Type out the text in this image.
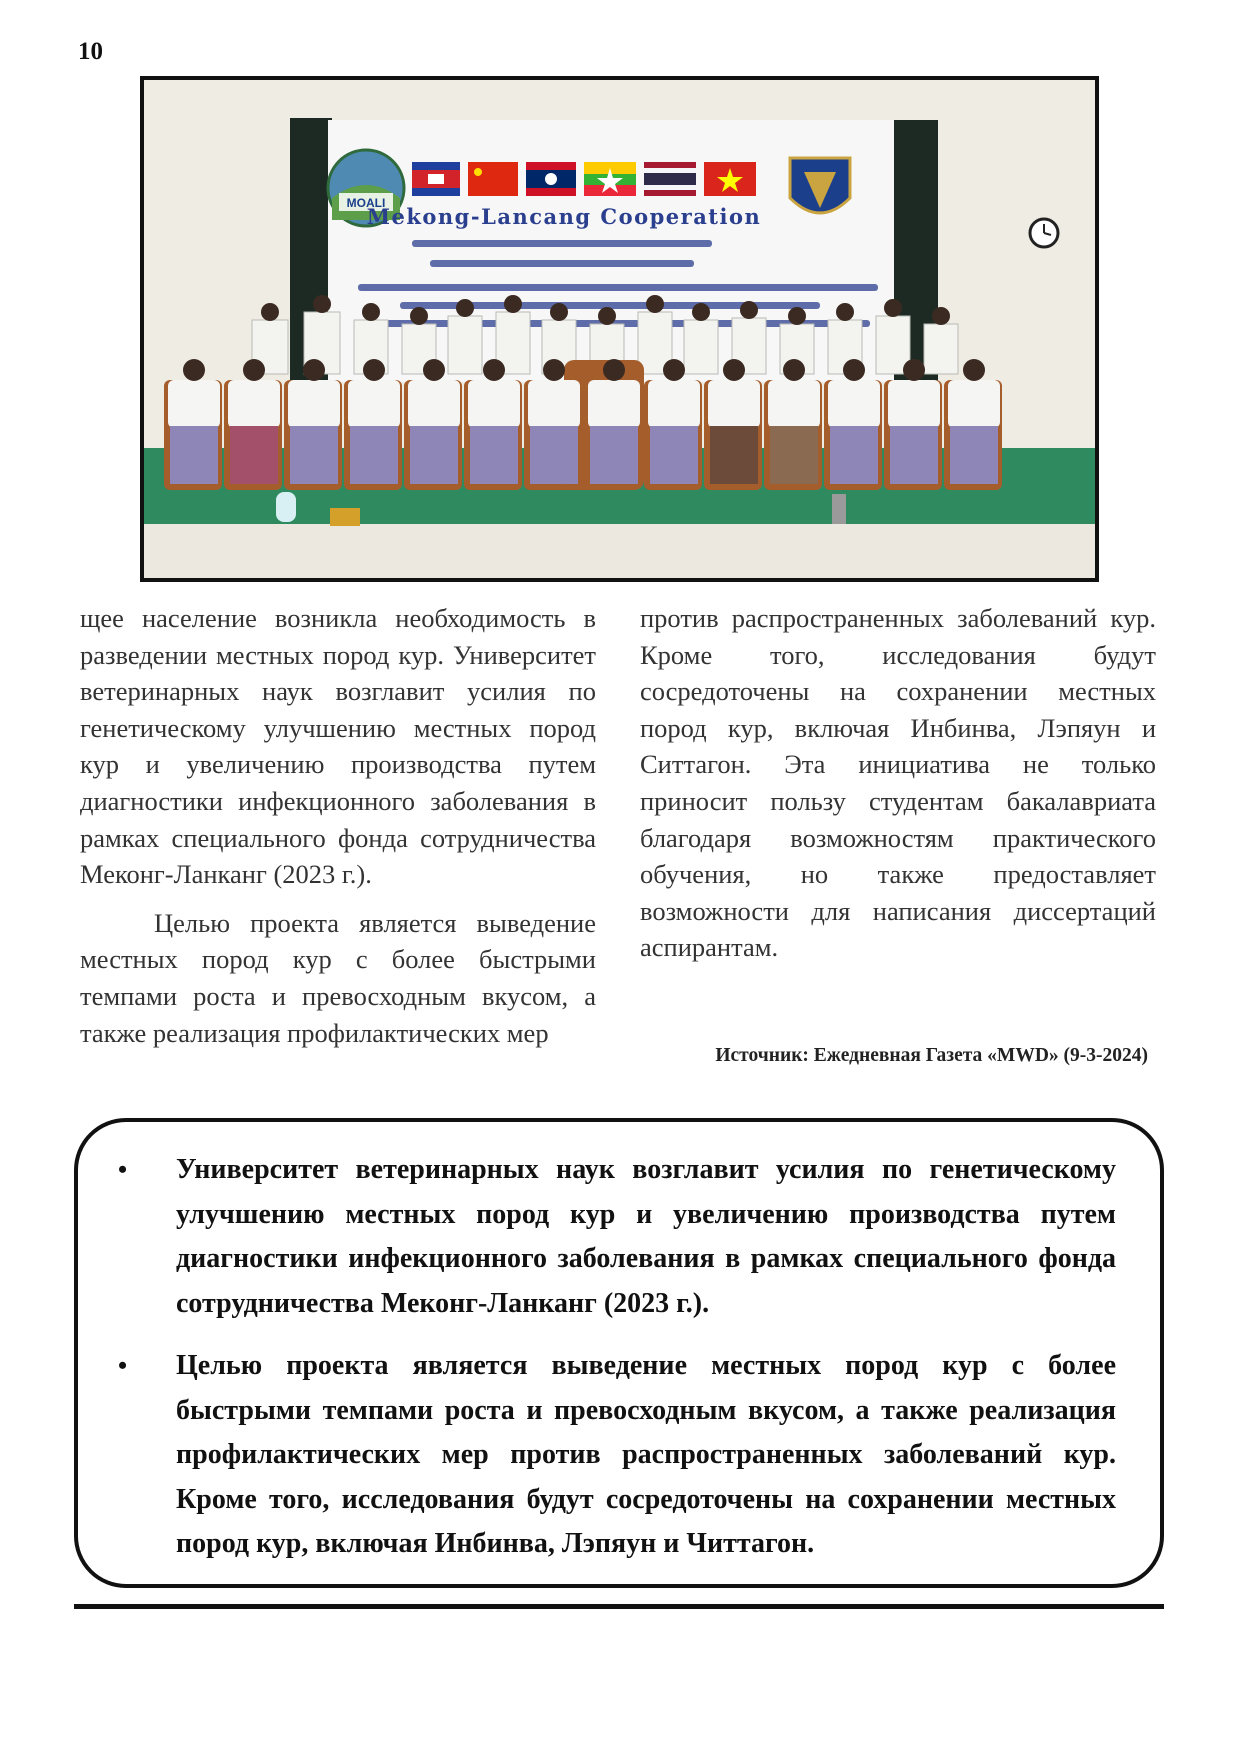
10
MOALI
Mekong-Lancang Cooperation

щее население возникла необходимость в разведении местных пород кур. Университет ветеринарных наук возглавит усилия по генетическому улучшению местных пород кур и увеличению производства путем диагностики инфекционного заболевания в рамках специального фонда сотрудничества Меконг-Ланканг (2023 г.).

Целью проекта является выведение местных пород кур с более быстрыми темпами роста и превосходным вкусом, а также реализация профилактических мер

против распространенных заболеваний кур. Кроме того, исследования будут сосредоточены на сохранении местных пород кур, включая Инбинва, Лэпяун и Ситтагон. Эта инициатива не только приносит пользу студентам бакалавриата благодаря возможностям практического обучения, но также предоставляет возможности для написания диссертаций аспирантам.

Источник: Ежедневная Газета «MWD» (9-3-2024)
• Университет ветеринарных наук возглавит усилия по генетическому улучшению местных пород кур и увеличению производства путем диагностики инфекционного заболевания в рамках специального фонда сотрудничества Меконг-Ланканг (2023 г.).
• Целью проекта является выведение местных пород кур с более быстрыми темпами роста и превосходным вкусом, а также реализация профилактических мер против распространенных заболеваний кур. Кроме того, исследования будут сосредоточены на сохранении местных пород кур, включая Инбинва, Лэпяун и Читтагон.
